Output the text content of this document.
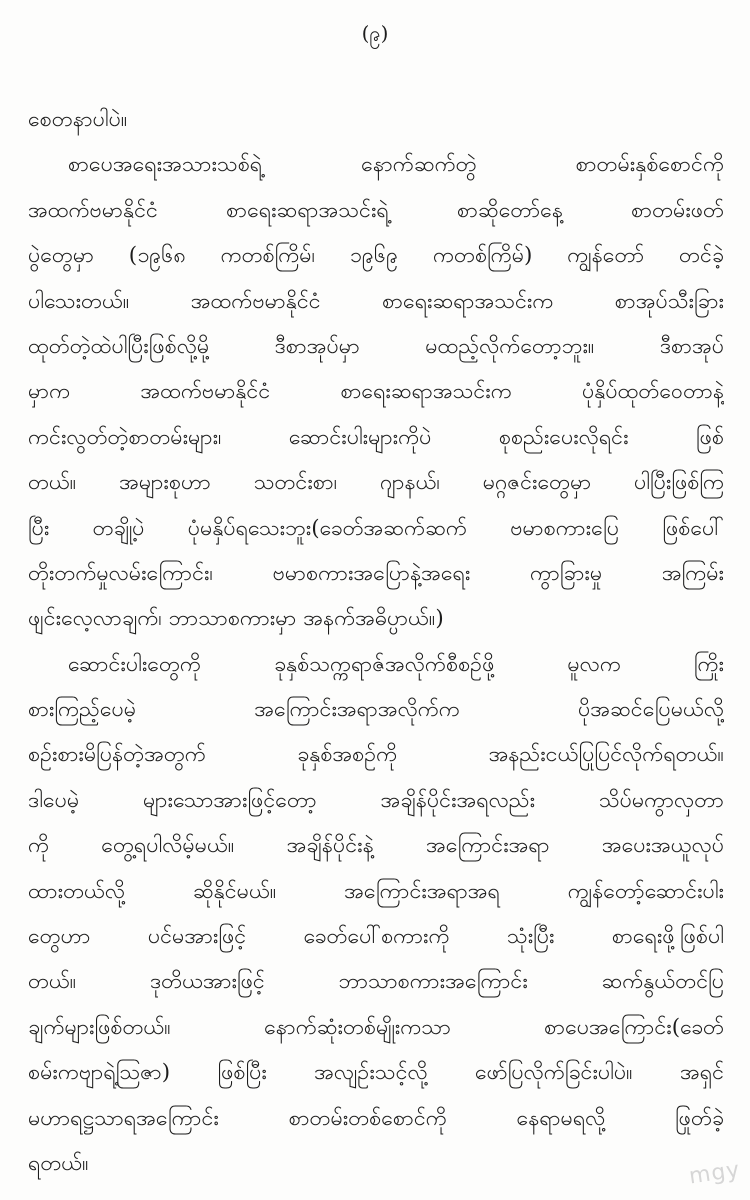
(၉)
စေတနာပါပဲ။
စာပေအရေးအသားသစ်ရဲ့ နောက်ဆက်တွဲ စာတမ်းနှစ်စောင်ကို
အထက်ဗမာနိုင်ငံ စာရေးဆရာအသင်းရဲ့ စာဆိုတော်နေ့ စာတမ်းဖတ်
ပွဲတွေမှာ (၁၉၆၈ ကတစ်ကြိမ်၊ ၁၉၆၉ ကတစ်ကြိမ်) ကျွန်တော် တင်ခဲ့
ပါသေးတယ်။ အထက်ဗမာနိုင်ငံ စာရေးဆရာအသင်းက စာအုပ်သီးခြား
ထုတ်တဲ့ထဲပါပြီးဖြစ်လို့မို့ ဒီစာအုပ်မှာ မထည့်လိုက်တော့ဘူး။ ဒီစာအုပ်
မှာက အထက်ဗမာနိုင်ငံ စာရေးဆရာအသင်းက ပုံနှိပ်ထုတ်ဝေတာနဲ့
ကင်းလွတ်တဲ့စာတမ်းများ၊ ဆောင်းပါးများကိုပဲ စုစည်းပေးလိုရင်း ဖြစ်
တယ်။ အများစုဟာ သတင်းစာ၊ ဂျာနယ်၊ မဂ္ဂဇင်းတွေမှာ ပါပြီးဖြစ်ကြ
ပြီး တချို့ပဲ ပုံမနှိပ်ရသေးဘူး(ခေတ်အဆက်ဆက် ဗမာစကားပြေ ဖြစ်ပေါ်
တိုးတက်မှုလမ်းကြောင်း၊ ဗမာစကားအပြောနဲ့အရေး ကွာခြားမှု အကြမ်း
ဖျင်းလေ့လာချက်၊ ဘာသာစကားမှာ အနက်အဓိပ္ပာယ်။)
ဆောင်းပါးတွေကို ခုနှစ်သက္ကရာဇ်အလိုက်စီစဉ်ဖို့ မူလက ကြိုး
စားကြည့်ပေမဲ့ အကြောင်းအရာအလိုက်က ပိုအဆင်ပြေမယ်လို့
စဉ်းစားမိပြန်တဲ့အတွက် ခုနှစ်အစဉ်ကို အနည်းငယ်ပြုပြင်လိုက်ရတယ်။
ဒါပေမဲ့ များသောအားဖြင့်တော့ အချိန်ပိုင်းအရလည်း သိပ်မကွာလှတာ
ကို တွေ့ရပါလိမ့်မယ်။ အချိန်ပိုင်းနဲ့ အကြောင်းအရာ အပေးအယူလုပ်
ထားတယ်လို့ ဆိုနိုင်မယ်။ အကြောင်းအရာအရ ကျွန်တော့်ဆောင်းပါး
တွေဟာ ပင်မအားဖြင့် ခေတ်ပေါ်စကားကို သုံးပြီး စာရေးဖို့ဖြစ်ပါ
တယ်။ ဒုတိယအားဖြင့် ဘာသာစကားအကြောင်း ဆက်နွယ်တင်ပြ
ချက်များဖြစ်တယ်။ နောက်ဆုံးတစ်မျိုးကသာ စာပေအကြောင်း(ခေတ်
စမ်းကဗျာရဲ့ဩဇာ) ဖြစ်ပြီး အလျဉ်းသင့်လို့ ဖော်ပြလိုက်ခြင်းပါပဲ။ အရှင်
မဟာရဋ္ဌသာရအကြောင်း စာတမ်းတစ်စောင်ကို နေရာမရလို့ ဖြုတ်ခဲ့
ရတယ်။	mgy
